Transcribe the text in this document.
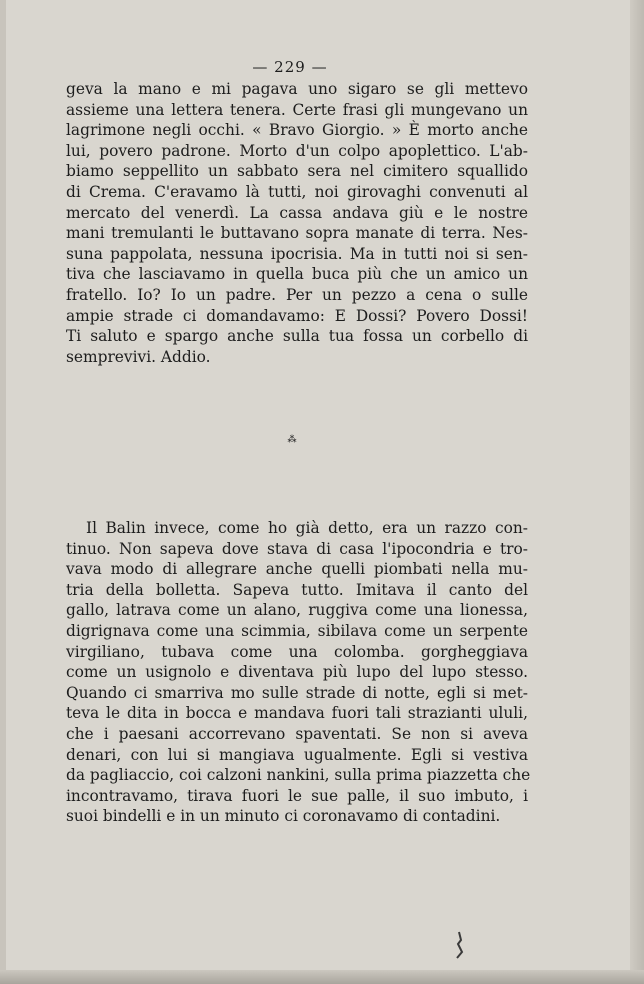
— 229 —
geva la mano e mi pagava uno sigaro se gli mettevo
assieme una lettera tenera. Certe frasi gli mungevano un
lagrimone negli occhi. « Bravo Giorgio. » È morto anche
lui, povero padrone. Morto d'un colpo apoplettico. L'ab-
biamo seppellito un sabbato sera nel cimitero squallido
di Crema. C'eravamo là tutti, noi girovaghi convenuti al
mercato del venerdì. La cassa andava giù e le nostre
mani tremulanti le buttavano sopra manate di terra. Nes-
suna pappolata, nessuna ipocrisia. Ma in tutti noi si sen-
tiva che lasciavamo in quella buca più che un amico un
fratello. Io? Io un padre. Per un pezzo a cena o sulle
ampie strade ci domandavamo: E Dossi? Povero Dossi!
Ti saluto e spargo anche sulla tua fossa un corbello di
semprevivi. Addio.
⁂
Il Balin invece, come ho già detto, era un razzo con-
tinuo. Non sapeva dove stava di casa l'ipocondria e tro-
vava modo di allegrare anche quelli piombati nella mu-
tria della bolletta. Sapeva tutto. Imitava il canto del
gallo, latrava come un alano, ruggiva come una lionessa,
digrignava come una scimmia, sibilava come un serpente
virgiliano, tubava come una colomba. gorgheggiava
come un usignolo e diventava più lupo del lupo stesso.
Quando ci smarriva mo sulle strade di notte, egli si met-
teva le dita in bocca e mandava fuori tali strazianti ululi,
che i paesani accorrevano spaventati. Se non si aveva
denari, con lui si mangiava ugualmente. Egli si vestiva
da pagliaccio, coi calzoni nankini, sulla prima piazzetta che
incontravamo, tirava fuori le sue palle, il suo imbuto, i
suoi bindelli e in un minuto ci coronavamo di contadini.
